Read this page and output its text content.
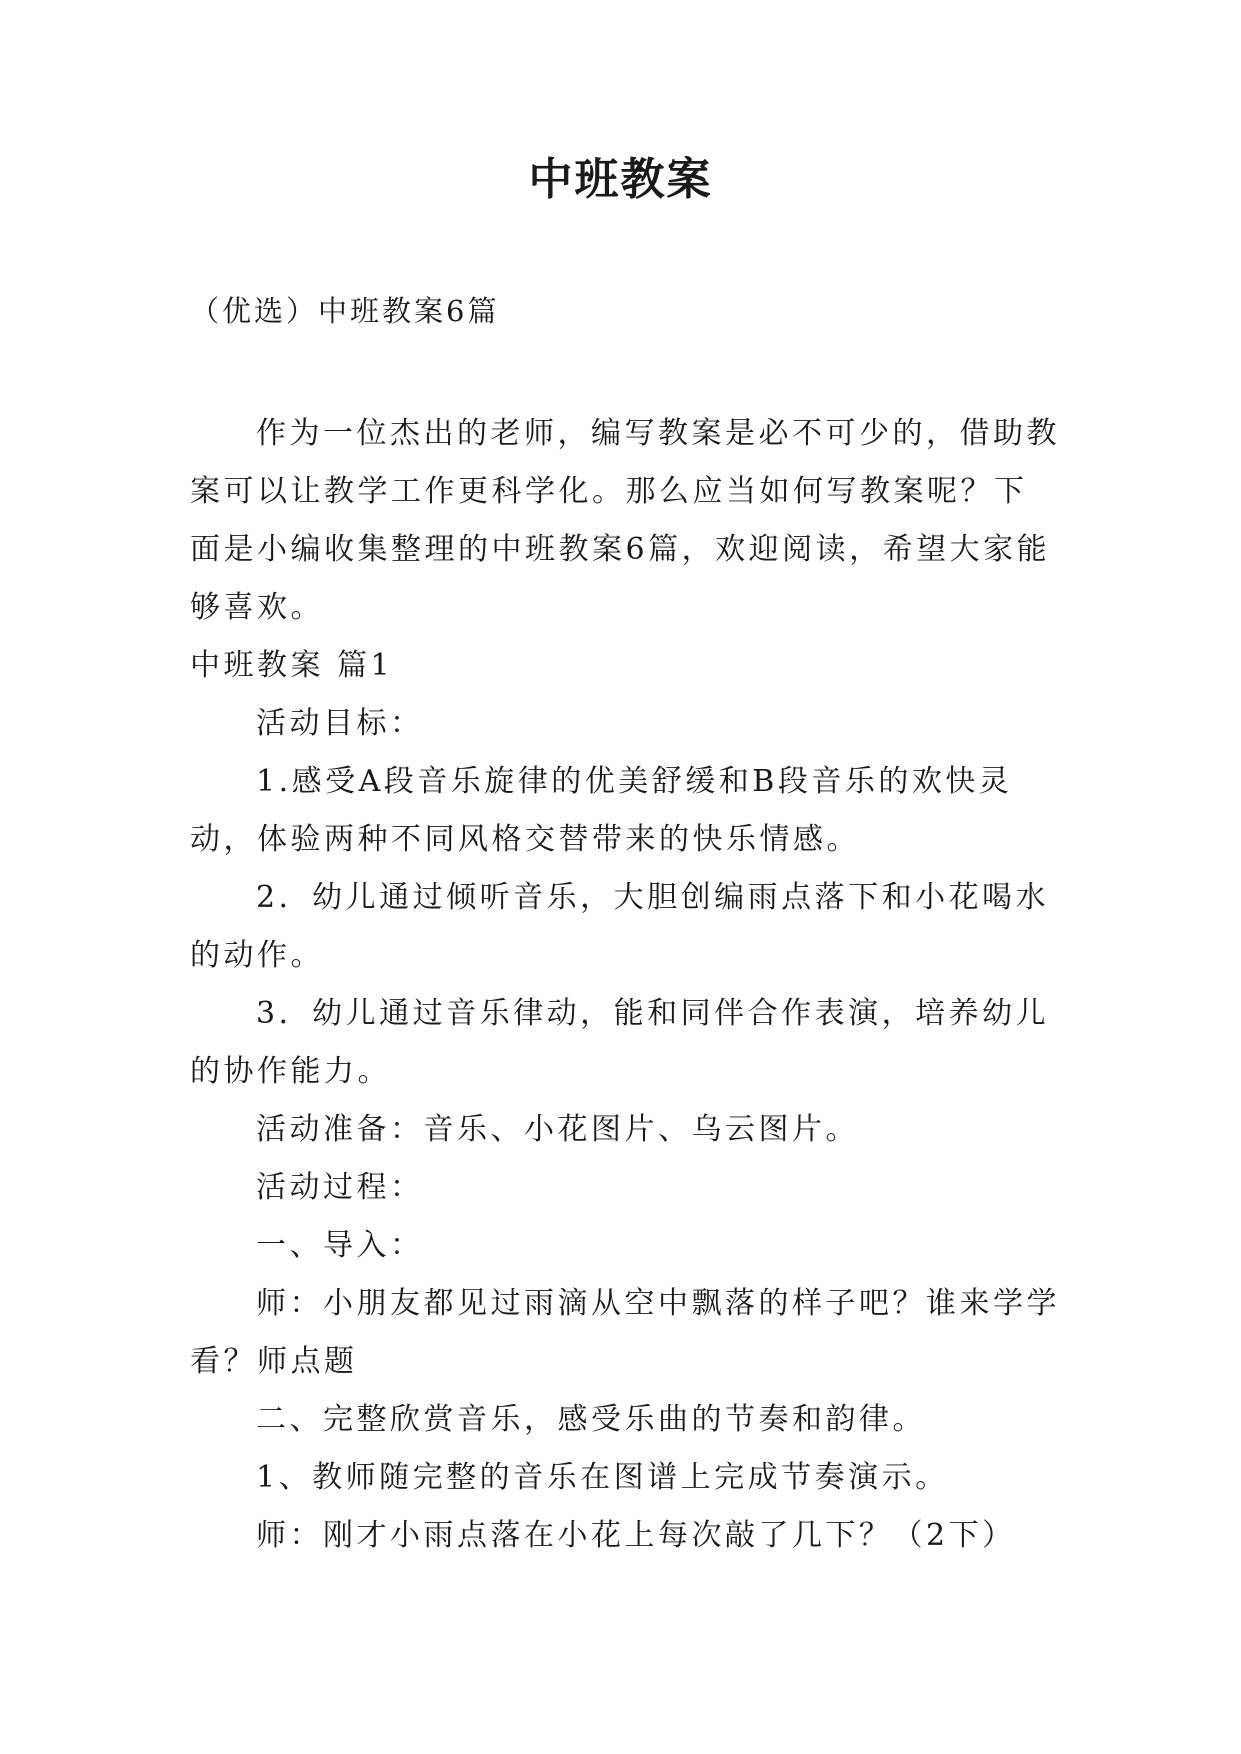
中班教案
（优选）中班教案6篇

作为一位杰出的老师，编写教案是必不可少的，借助教案可以让教学工作更科学化。那么应当如何写教案呢？下面是小编收集整理的中班教案6篇，欢迎阅读，希望大家能够喜欢。

中班教案 篇1

活动目标：

1.感受A段音乐旋律的优美舒缓和B段音乐的欢快灵动，体验两种不同风格交替带来的快乐情感。

2．幼儿通过倾听音乐，大胆创编雨点落下和小花喝水的动作。

3．幼儿通过音乐律动，能和同伴合作表演，培养幼儿的协作能力。

活动准备：音乐、小花图片、乌云图片。

活动过程：

一、导入：

师：小朋友都见过雨滴从空中飘落的样子吧？谁来学学看？师点题

二、完整欣赏音乐，感受乐曲的节奏和韵律。

1、教师随完整的音乐在图谱上完成节奏演示。

师：刚才小雨点落在小花上每次敲了几下？（2下）
